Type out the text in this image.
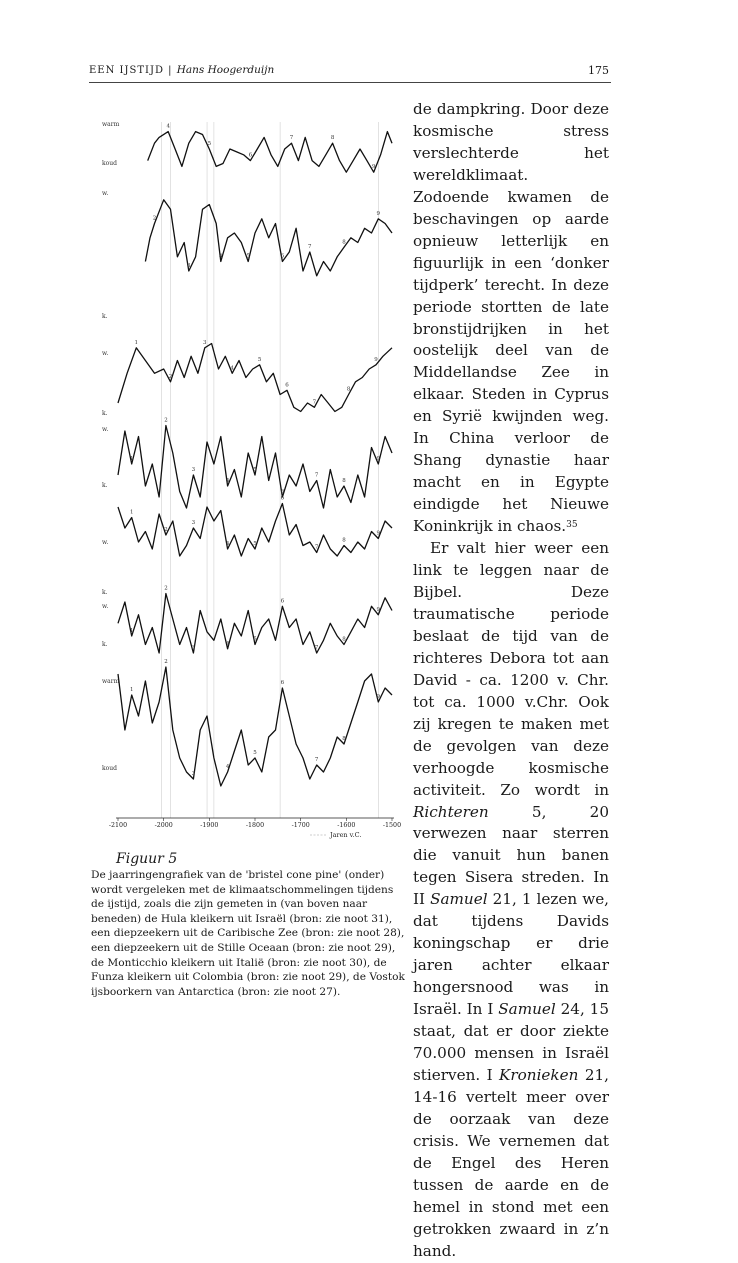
EEN IJSTIJD | Hans Hoogerduijn	175
4
5
6
7	8
9
2
3
4	5	6
7
8
9
1
2
3
4
5
6
7
8
9
1
2
3
4
5
6
7
8
9
1
2
3
4	5
6
7
8
9
1
2
3
4
5
6
7
8
9
1
2
3
4
5
6
7
8
9
warm
koud
w.
k.
w.
k.
w.
k.
w.
k.
w.
k.
warm
koud
-2100	-2000	-1900	-1800	-1700	-1600	-1500
Jaren v.C.
Figuur 5
De jaarringengrafiek van de 'bristel cone pine' (onder) wordt vergeleken met de klimaatschommelingen tijdens de ijstijd, zoals die zijn gemeten in (van boven naar beneden) de Hula kleikern uit Israël (bron: zie noot 31), een diepzeekern uit de Caribische Zee (bron: zie noot 28), een diepzeekern uit de Stille Oceaan (bron: zie noot 29), de Monticchio kleikern uit Italië (bron: zie noot 30), de Funza kleikern uit Colombia (bron: zie noot 29), de Vostok ijsboorkern van Antarctica (bron: zie noot 27).

de dampkring. Door deze kosmische stress verslechterde het wereldklimaat. Zodoende kwamen de beschavingen op aarde opnieuw letterlijk en figuurlijk in een ‘donker tijdperk’ terecht. In deze periode stortten de late bronstijdrijken in het oostelijk deel van de Middellandse Zee in elkaar. Steden in Cyprus en Syrië kwijnden weg. In China verloor de Shang dynastie haar macht en in Egypte eindigde het Nieuwe Koninkrijk in chaos.$^{35}$

Er valt hier weer een link te leggen naar de Bijbel. Deze traumatische periode beslaat de tijd van de richteres Debora tot aan David - ca. 1200 v. Chr. tot ca. 1000 v.Chr. Ook zij kregen te maken met de gevolgen van deze verhoogde kosmische activiteit. Zo wordt in Richteren 5, 20 verwezen naar sterren die vanuit hun banen tegen Sisera streden. In II Samuel 21, 1 lezen we, dat tijdens Davids koningschap er drie jaren achter elkaar hongersnood was in Israël. In I Samuel 24, 15 staat, dat er door ziekte 70.000 mensen in Israël stierven. I Kronieken 21, 14-16 vertelt meer over de oorzaak van deze crisis. We vernemen dat de Engel des Heren tussen de aarde en de hemel in stond met een getrokken zwaard in z’n hand.
